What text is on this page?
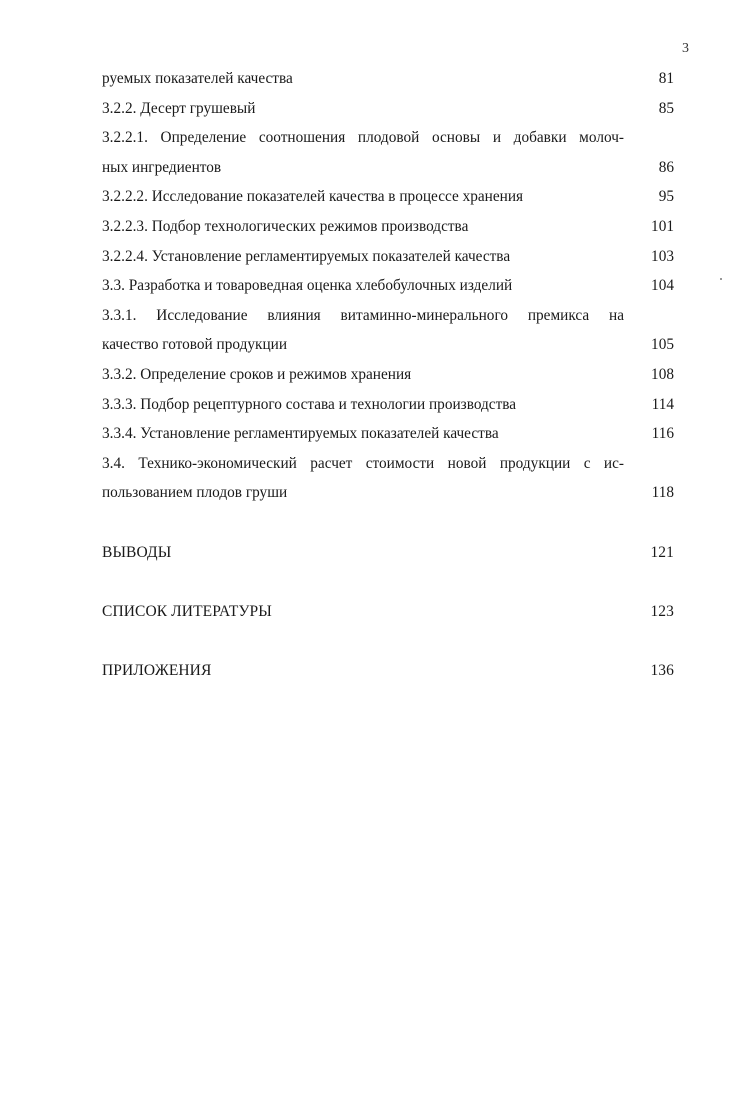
3
руемых показателей качества	81
3.2.2. Десерт грушевый	85
3.2.2.1. Определение соотношения плодовой основы и добавки молоч-
ных ингредиентов	86
3.2.2.2. Исследование показателей качества в процессе хранения	95
3.2.2.3. Подбор технологических режимов производства	101
3.2.2.4. Установление регламентируемых показателей качества	103
3.3. Разработка и товароведная оценка хлебобулочных изделий	104
3.3.1. Исследование влияния витаминно-минерального премикса на
качество готовой продукции	105
3.3.2. Определение сроков и режимов хранения	108
3.3.3. Подбор рецептурного состава и технологии производства	114
3.3.4. Установление регламентируемых показателей качества	116
3.4. Технико-экономический расчет стоимости новой продукции с ис-
пользованием плодов груши	118
ВЫВОДЫ	121
СПИСОК ЛИТЕРАТУРЫ	123
ПРИЛОЖЕНИЯ	136
